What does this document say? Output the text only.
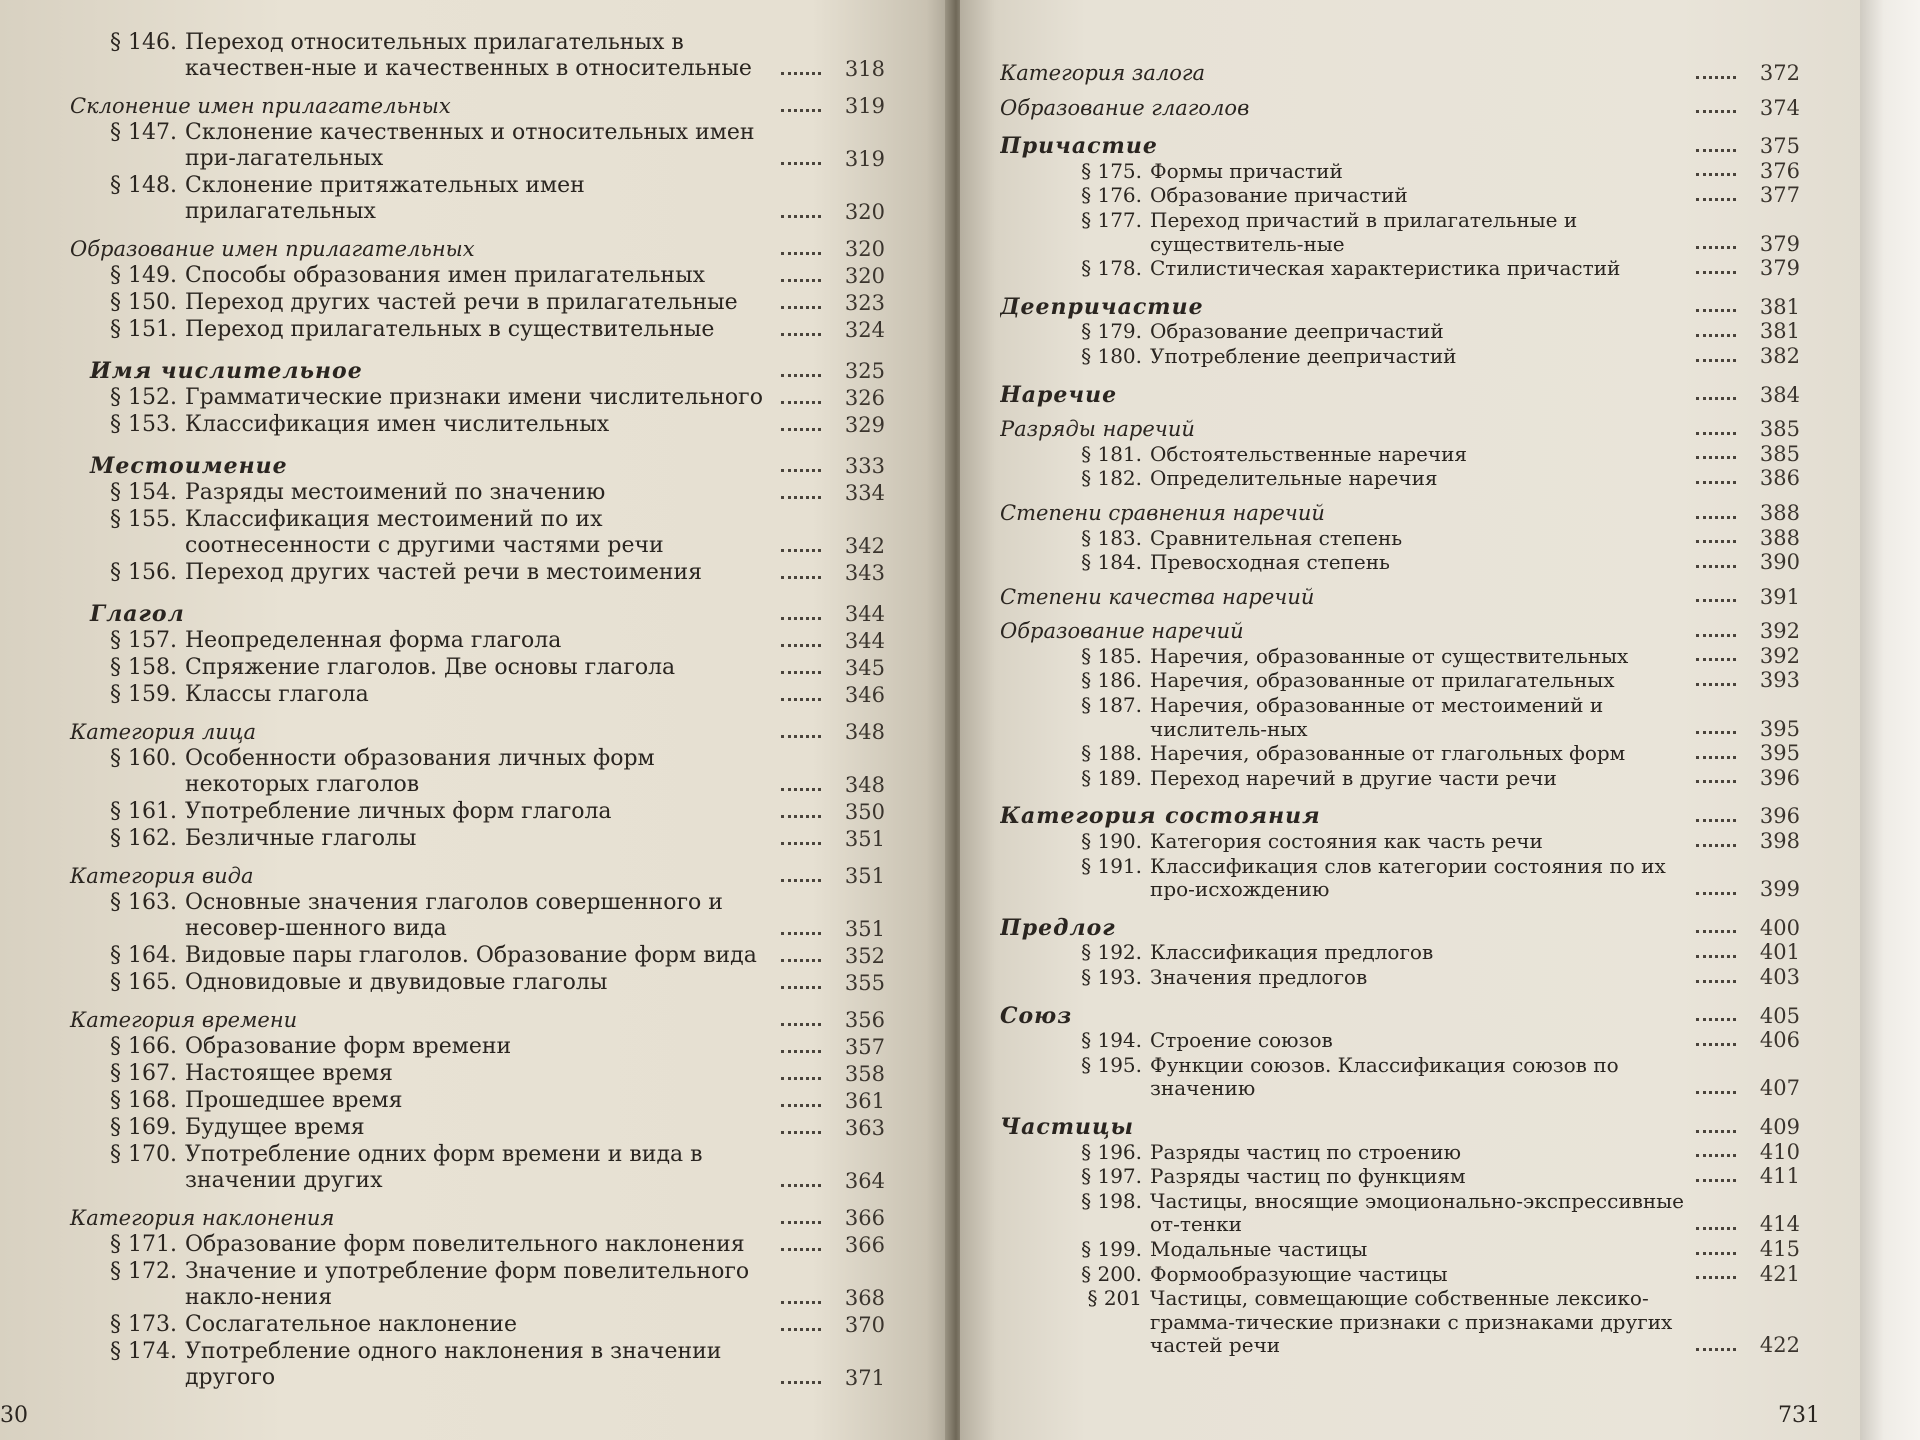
§ 146. Переход относительных прилагательных в качествен-ные и качественных в относительные	318
Склонение имен прилагательных	319
§ 147. Склонение качественных и относительных имен при-лагательных	319
§ 148. Склонение притяжательных имен прилагательных	320
Образование имен прилагательных	320
§ 149. Способы образования имен прилагательных	320
§ 150. Переход других частей речи в прилагательные	323
§ 151. Переход прилагательных в существительные	324
Имя числительное	325
§ 152. Грамматические признаки имени числительного	326
§ 153. Классификация имен числительных	329
Местоимение	333
§ 154. Разряды местоимений по значению	334
§ 155. Классификация местоимений по их соотнесенности с другими частями речи	342
§ 156. Переход других частей речи в местоимения	343
Глагол	344
§ 157. Неопределенная форма глагола	344
§ 158. Спряжение глаголов. Две основы глагола	345
§ 159. Классы глагола	346
Категория лица	348
§ 160. Особенности образования личных форм некоторых глаголов	348
§ 161. Употребление личных форм глагола	350
§ 162. Безличные глаголы	351
Категория вида	351
§ 163. Основные значения глаголов совершенного и несовер-шенного вида	351
§ 164. Видовые пары глаголов. Образование форм вида	352
§ 165. Одновидовые и двувидовые глаголы	355
Категория времени	356
§ 166. Образование форм времени	357
§ 167. Настоящее время	358
§ 168. Прошедшее время	361
§ 169. Будущее время	363
§ 170. Употребление одних форм времени и вида в значении других	364
Категория наклонения	366
§ 171. Образование форм повелительного наклонения	366
§ 172. Значение и употребление форм повелительного накло-нения	368
§ 173. Сослагательное наклонение	370
§ 174. Употребление одного наклонения в значении другого	371
30
Категория залога	372
Образование глаголов	374
Причастие	375
§ 175. Формы причастий	376
§ 176. Образование причастий	377
§ 177. Переход причастий в прилагательные и существитель-ные	379
§ 178. Стилистическая характеристика причастий	379
Деепричастие	381
§ 179. Образование деепричастий	381
§ 180. Употребление деепричастий	382
Наречие	384
Разряды наречий	385
§ 181. Обстоятельственные наречия	385
§ 182. Определительные наречия	386
Степени сравнения наречий	388
§ 183. Сравнительная степень	388
§ 184. Превосходная степень	390
Степени качества наречий	391
Образование наречий	392
§ 185. Наречия, образованные от существительных	392
§ 186. Наречия, образованные от прилагательных	393
§ 187. Наречия, образованные от местоимений и числитель-ных	395
§ 188. Наречия, образованные от глагольных форм	395
§ 189. Переход наречий в другие части речи	396
Категория состояния	396
§ 190. Категория состояния как часть речи	398
§ 191. Классификация слов категории состояния по их про-исхождению	399
Предлог	400
§ 192. Классификация предлогов	401
§ 193. Значения предлогов	403
Союз	405
§ 194. Строение союзов	406
§ 195. Функции союзов. Классификация союзов по значению	407
Частицы	409
§ 196. Разряды частиц по строению	410
§ 197. Разряды частиц по функциям	411
§ 198. Частицы, вносящие эмоционально-экспрессивные от-тенки	414
§ 199. Модальные частицы	415
§ 200. Формообразующие частицы	421
§ 201 Частицы, совмещающие собственные лексико-грамма-тические признаки с признаками других частей речи	422
731
